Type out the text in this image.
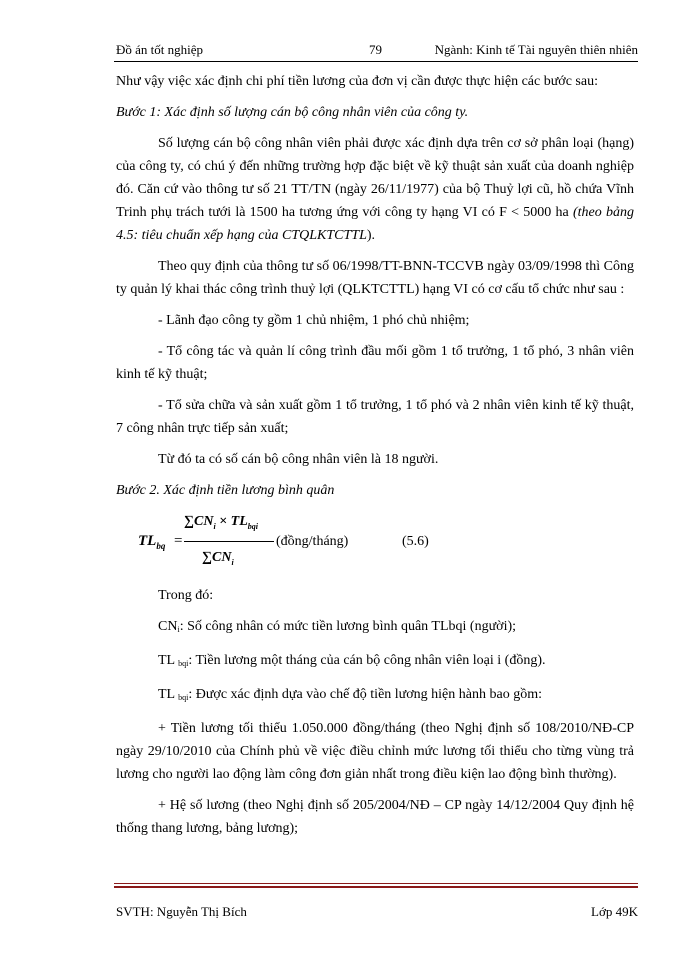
Đồ án tốt nghiệp	79	Ngành: Kinh tế Tài nguyên thiên nhiên

Như vậy việc xác định chi phí tiền lương của đơn vị cần được thực hiện các bước sau:

Bước 1: Xác định số lượng cán bộ công nhân viên của công ty.

Số lượng cán bộ công nhân viên phải được xác định dựa trên cơ sở phân loại (hạng) của công ty, có chú ý đến những trường hợp đặc biệt về kỹ thuật sản xuất của doanh nghiệp đó. Căn cứ vào thông tư số 21 TT/TN (ngày 26/11/1977) của bộ Thuỷ lợi cũ, hồ chứa Vĩnh Trinh phụ trách tưới là 1500 ha tương ứng với công ty hạng VI có F < 5000 ha (theo bảng 4.5: tiêu chuẩn xếp hạng của CTQLKTCTTL).

Theo quy định của thông tư số 06/1998/TT-BNN-TCCVB ngày 03/09/1998 thì Công ty quản lý khai thác công trình thuỷ lợi (QLKTCTTL) hạng VI có cơ cấu tổ chức như sau :

- Lãnh đạo công ty gồm 1 chủ nhiệm, 1 phó chủ nhiệm;

- Tổ công tác và quản lí công trình đầu mối gồm 1 tổ trưởng, 1 tổ phó, 3 nhân viên kinh tế kỹ thuật;

- Tổ sửa chữa và sản xuất gồm 1 tổ trưởng, 1 tổ phó và 2 nhân viên kinh tế kỹ thuật, 7 công nhân trực tiếp sản xuất;

Từ đó ta có số cán bộ công nhân viên là 18 người.

Bước 2. Xác định tiền lương bình quân

$TL_{bq}$ =
$\sum CN_i \times TL_{bqi}$
$\sum CN_i$
(đồng/tháng)	(5.6)

Trong đó:

$CN_i$: Số công nhân có mức tiền lương bình quân TLbqi (người);

TL $_{bqi}$: Tiền lương một tháng của cán bộ công nhân viên loại i (đồng).

TL $_{bqi}$: Được xác định dựa vào chế độ tiền lương hiện hành bao gồm:

+ Tiền lương tối thiểu 1.050.000 đồng/tháng (theo Nghị định số 108/2010/NĐ-CP ngày 29/10/2010 của Chính phủ về việc điều chỉnh mức lương tối thiểu cho từng vùng trả lương cho người lao động làm công đơn giản nhất trong điều kiện lao động bình thường).

+ Hệ số lương (theo Nghị định số 205/2004/NĐ – CP ngày 14/12/2004 Quy định hệ thống thang lương, bảng lương);

SVTH: Nguyễn Thị Bích	Lớp 49K
